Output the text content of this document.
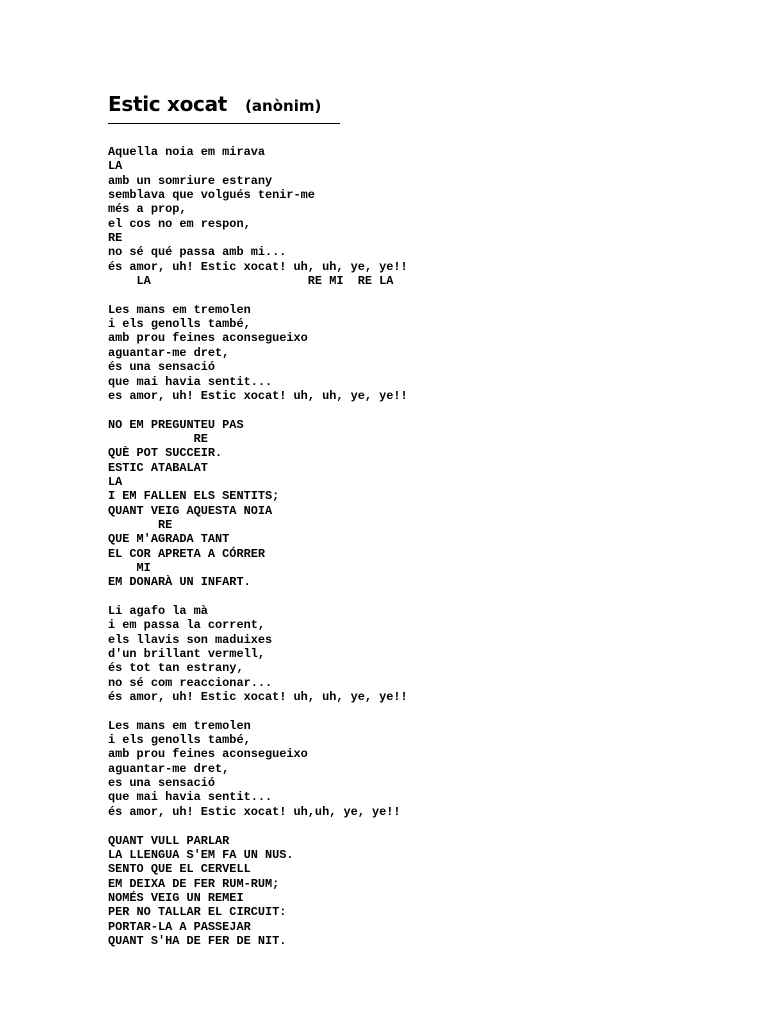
Estic xocat (anònim)
Aquella noia em mirava
LA
amb un somriure estrany
semblava que volgués tenir-me
més a prop,
el cos no em respon,
RE
no sé qué passa amb mi...
és amor, uh! Estic xocat! uh, uh, ye, ye!!
LA                      RE MI  RE LA
Les mans em tremolen
i els genolls també,
amb prou feines aconsegueixo
aguantar-me dret,
és una sensació
que mai havia sentit...
es amor, uh! Estic xocat! uh, uh, ye, ye!!
NO EM PREGUNTEU PAS
RE
QUÈ POT SUCCEIR.
ESTIC ATABALAT
LA
I EM FALLEN ELS SENTITS;
QUANT VEIG AQUESTA NOIA
RE
QUE M'AGRADA TANT
EL COR APRETA A CÓRRER
MI
EM DONARÀ UN INFART.
Li agafo la mà
i em passa la corrent,
els llavis son maduixes
d'un brillant vermell,
és tot tan estrany,
no sé com reaccionar...
és amor, uh! Estic xocat! uh, uh, ye, ye!!
Les mans em tremolen
i els genolls també,
amb prou feines aconsegueixo
aguantar-me dret,
es una sensació
que mai havia sentit...
és amor, uh! Estic xocat! uh,uh, ye, ye!!
QUANT VULL PARLAR
LA LLENGUA S'EM FA UN NUS.
SENTO QUE EL CERVELL
EM DEIXA DE FER RUM-RUM;
NOMÉS VEIG UN REMEI
PER NO TALLAR EL CIRCUIT:
PORTAR-LA A PASSEJAR
QUANT S'HA DE FER DE NIT.
